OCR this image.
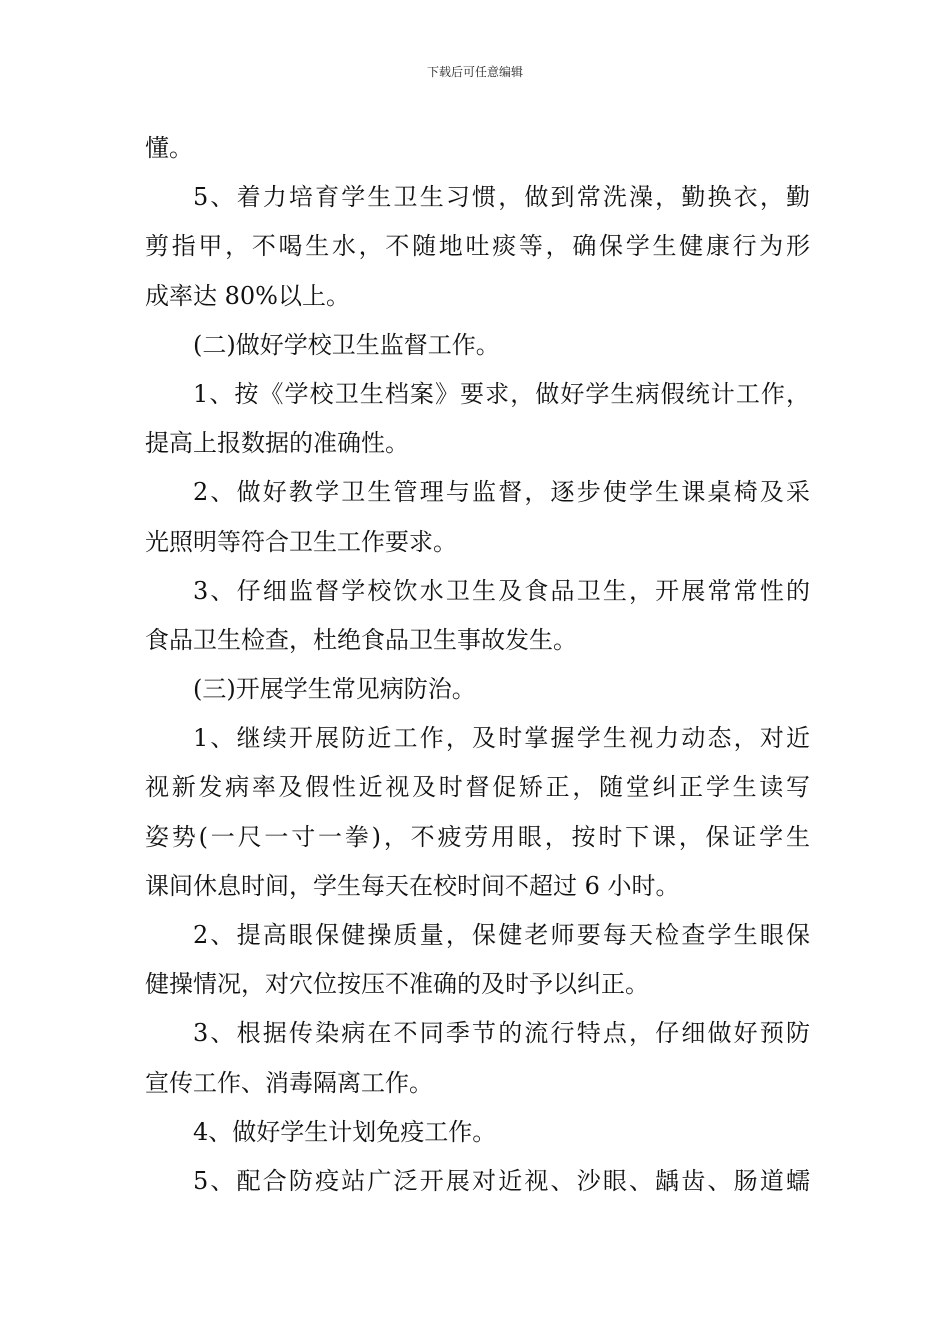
下载后可任意编辑
懂。
5、着力培育学生卫生习惯，做到常洗澡，勤换衣，勤
剪指甲，不喝生水，不随地吐痰等，确保学生健康行为形
成率达 80%以上。
(二)做好学校卫生监督工作。
1、按《学校卫生档案》要求，做好学生病假统计工作，
提高上报数据的准确性。
2、做好教学卫生管理与监督，逐步使学生课桌椅及采
光照明等符合卫生工作要求。
3、仔细监督学校饮水卫生及食品卫生，开展常常性的
食品卫生检查，杜绝食品卫生事故发生。
(三)开展学生常见病防治。
1、继续开展防近工作，及时掌握学生视力动态，对近
视新发病率及假性近视及时督促矫正，随堂纠正学生读写
姿势(一尺一寸一拳)，不疲劳用眼，按时下课，保证学生
课间休息时间，学生每天在校时间不超过 6 小时。
2、提高眼保健操质量，保健老师要每天检查学生眼保
健操情况，对穴位按压不准确的及时予以纠正。
3、根据传染病在不同季节的流行特点，仔细做好预防
宣传工作、消毒隔离工作。
4、做好学生计划免疫工作。
5、配合防疫站广泛开展对近视、沙眼、龋齿、肠道蠕
